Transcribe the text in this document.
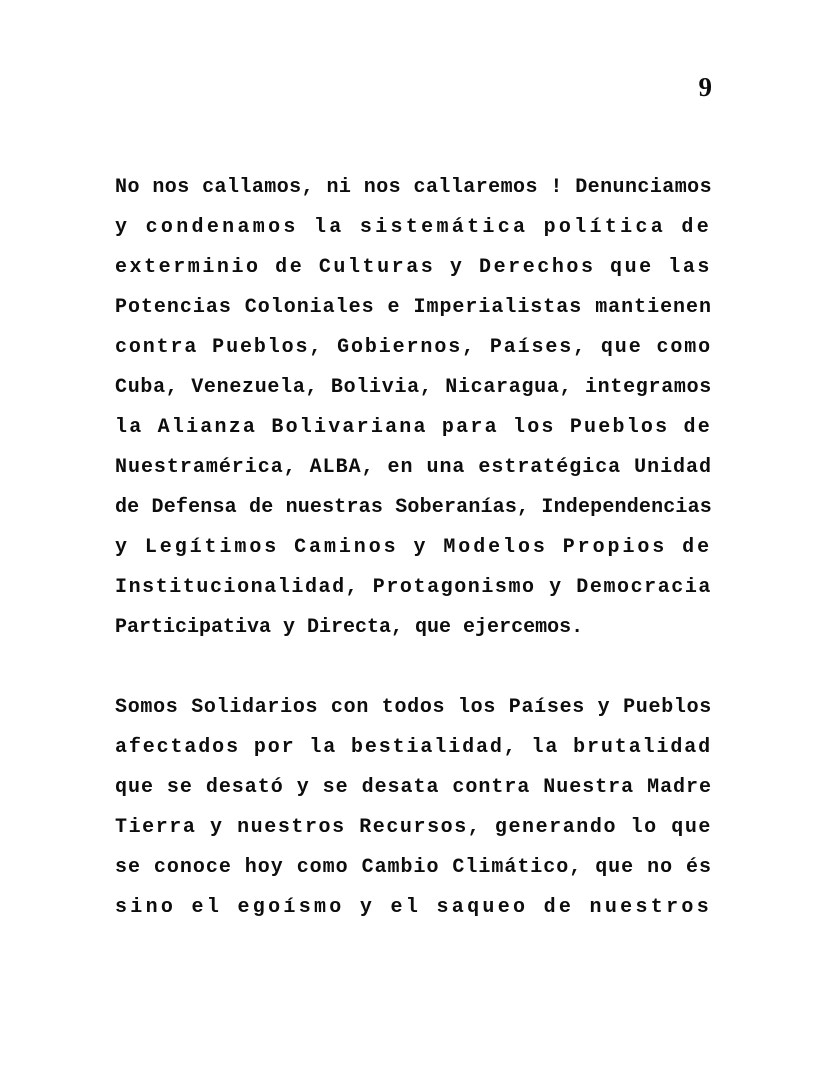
9
No nos callamos, ni nos callaremos ! Denunciamos
y condenamos la sistemática política de
exterminio de Culturas y Derechos que las
Potencias Coloniales e Imperialistas mantienen
contra Pueblos, Gobiernos, Países, que como
Cuba, Venezuela, Bolivia, Nicaragua, integramos
la Alianza Bolivariana para los Pueblos de
Nuestramérica, ALBA, en una estratégica Unidad
de Defensa de nuestras Soberanías, Independencias
y Legítimos Caminos y Modelos Propios de
Institucionalidad, Protagonismo y Democracia
Participativa y Directa, que ejercemos.
Somos Solidarios con todos los Países y Pueblos
afectados por la bestialidad, la brutalidad
que se desató y se desata contra Nuestra Madre
Tierra y nuestros Recursos, generando lo que
se conoce hoy como Cambio Climático, que no és
sino el egoísmo y el saqueo de nuestros
